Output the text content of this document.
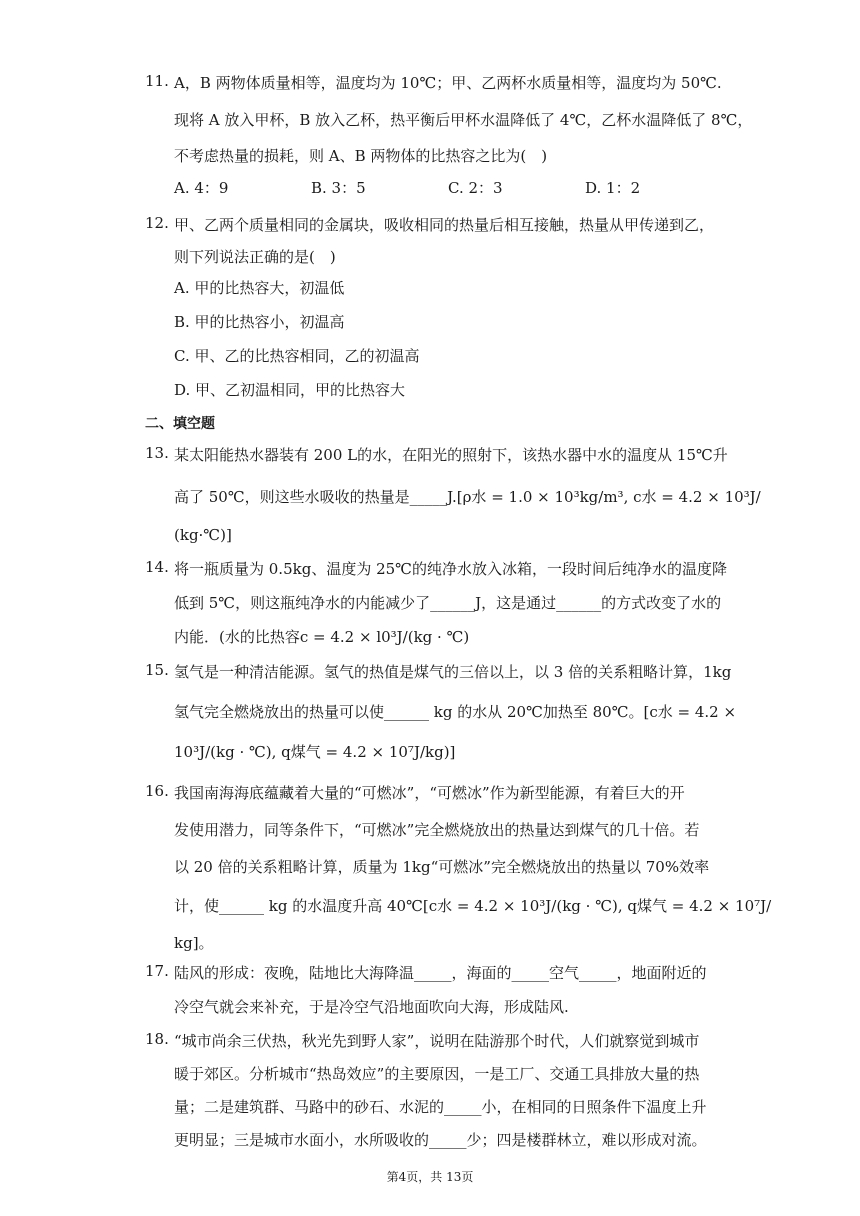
11. A，B 两物体质量相等，温度均为 10℃；甲、乙两杯水质量相等，温度均为 50℃.
现将 A 放入甲杯，B 放入乙杯，热平衡后甲杯水温降低了 4℃，乙杯水温降低了 8℃，
不考虑热量的损耗，则 A、B 两物体的比热容之比为(　)
A. 4：9	B. 3：5	C. 2：3	D. 1：2
12. 甲、乙两个质量相同的金属块，吸收相同的热量后相互接触，热量从甲传递到乙，
则下列说法正确的是(　)
A. 甲的比热容大，初温低
B. 甲的比热容小，初温高
C. 甲、乙的比热容相同，乙的初温高
D. 甲、乙初温相同，甲的比热容大
二、填空题
13. 某太阳能热水器装有 200 L的水，在阳光的照射下，该热水器中水的温度从 15℃升
高了 50℃，则这些水吸收的热量是_____J.[ρ水 = 1.0 × 10³kg/m³, c水 = 4.2 × 10³J/
(kg·℃)]
14. 将一瓶质量为 0.5kg、温度为 25℃的纯净水放入冰箱，一段时间后纯净水的温度降
低到 5℃，则这瓶纯净水的内能减少了______J，这是通过______的方式改变了水的
内能．(水的比热容c = 4.2 × l0³J/(kg · ℃)
15. 氢气是一种清洁能源。氢气的热值是煤气的三倍以上，以 3 倍的关系粗略计算，1kg
氢气完全燃烧放出的热量可以使______ kg 的水从 20℃加热至 80℃。[c水 = 4.2 ×
10³J/(kg · ℃), q煤气 = 4.2 × 10⁷J/kg)]
16. 我国南海海底蕴藏着大量的“可燃冰”，“可燃冰”作为新型能源，有着巨大的开
发使用潜力，同等条件下，“可燃冰”完全燃烧放出的热量达到煤气的几十倍。若
以 20 倍的关系粗略计算，质量为 1kg“可燃冰”完全燃烧放出的热量以 70%效率
计，使______ kg 的水温度升高 40℃[c水 = 4.2 × 10³J/(kg · ℃), q煤气 = 4.2 × 10⁷J/
kg]。
17. 陆风的形成：夜晚，陆地比大海降温_____，海面的_____空气_____，地面附近的
冷空气就会来补充，于是冷空气沿地面吹向大海，形成陆风.
18. “城市尚余三伏热，秋光先到野人家”，说明在陆游那个时代，人们就察觉到城市
暖于郊区。分析城市“热岛效应”的主要原因，一是工厂、交通工具排放大量的热
量；二是建筑群、马路中的砂石、水泥的_____小，在相同的日照条件下温度上升
更明显；三是城市水面小，水所吸收的_____少；四是楼群林立，难以形成对流。
第4页，共 13页
